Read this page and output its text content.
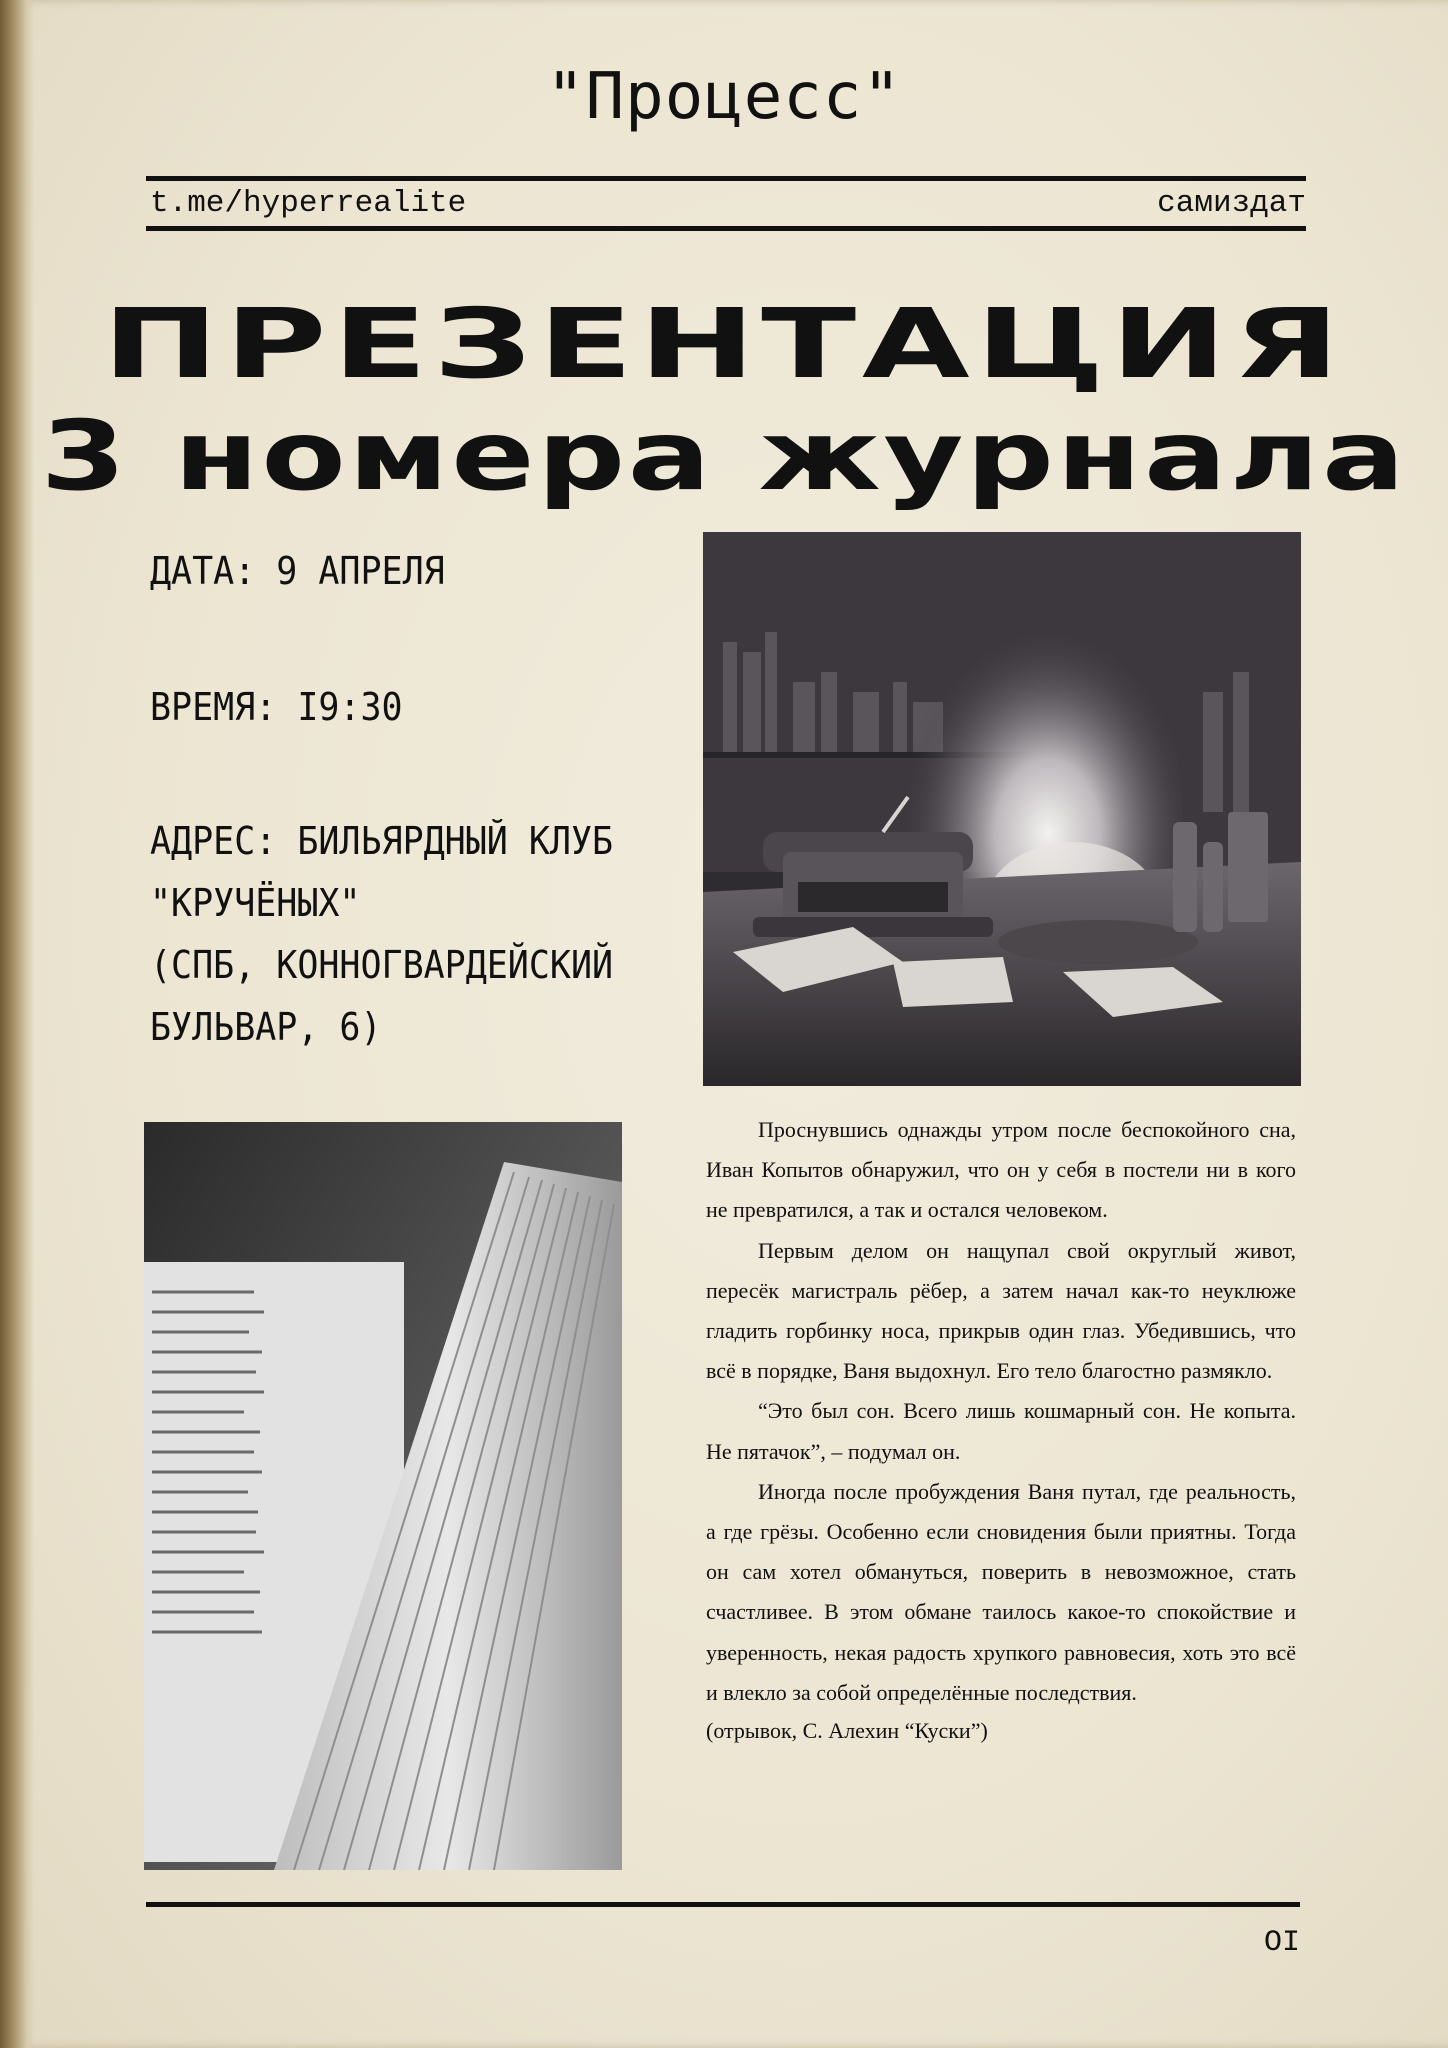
"Процесс"
t.me/hyperrealite	самиздат
ПРЕЗЕНТАЦИЯ
3 номера журнала
ДАТА: 9 АПРЕЛЯ
ВРЕМЯ: I9:30
АДРЕС: БИЛЬЯРДНЫЙ КЛУБ
"КРУЧЁНЫХ"
(СПБ, КОННОГВАРДЕЙСКИЙ
БУЛЬВАР, 6)

Проснувшись однажды утром после беспокойного сна, Иван Копытов обнаружил, что он у себя в постели ни в кого не превратился, а так и остался человеком.

Первым делом он нащупал свой округлый живот, пересёк магистраль рёбер, а затем начал как-то неуклюже гладить горбинку носа, прикрыв один глаз. Убедившись, что всё в порядке, Ваня выдохнул. Его тело благостно размякло.

“Это был сон. Всего лишь кошмарный сон. Не копыта. Не пятачок”, – подумал он.

Иногда после пробуждения Ваня путал, где реальность, а где грёзы. Особенно если сновидения были приятны. Тогда он сам хотел обмануться, поверить в невозможное, стать счастливее. В этом обмане таилось какое-то спокойствие и уверенность, некая радость хрупкого равновесия, хоть это всё и влекло за собой определённые последствия.

(отрывок, С. Алехин “Куски”)

OI
